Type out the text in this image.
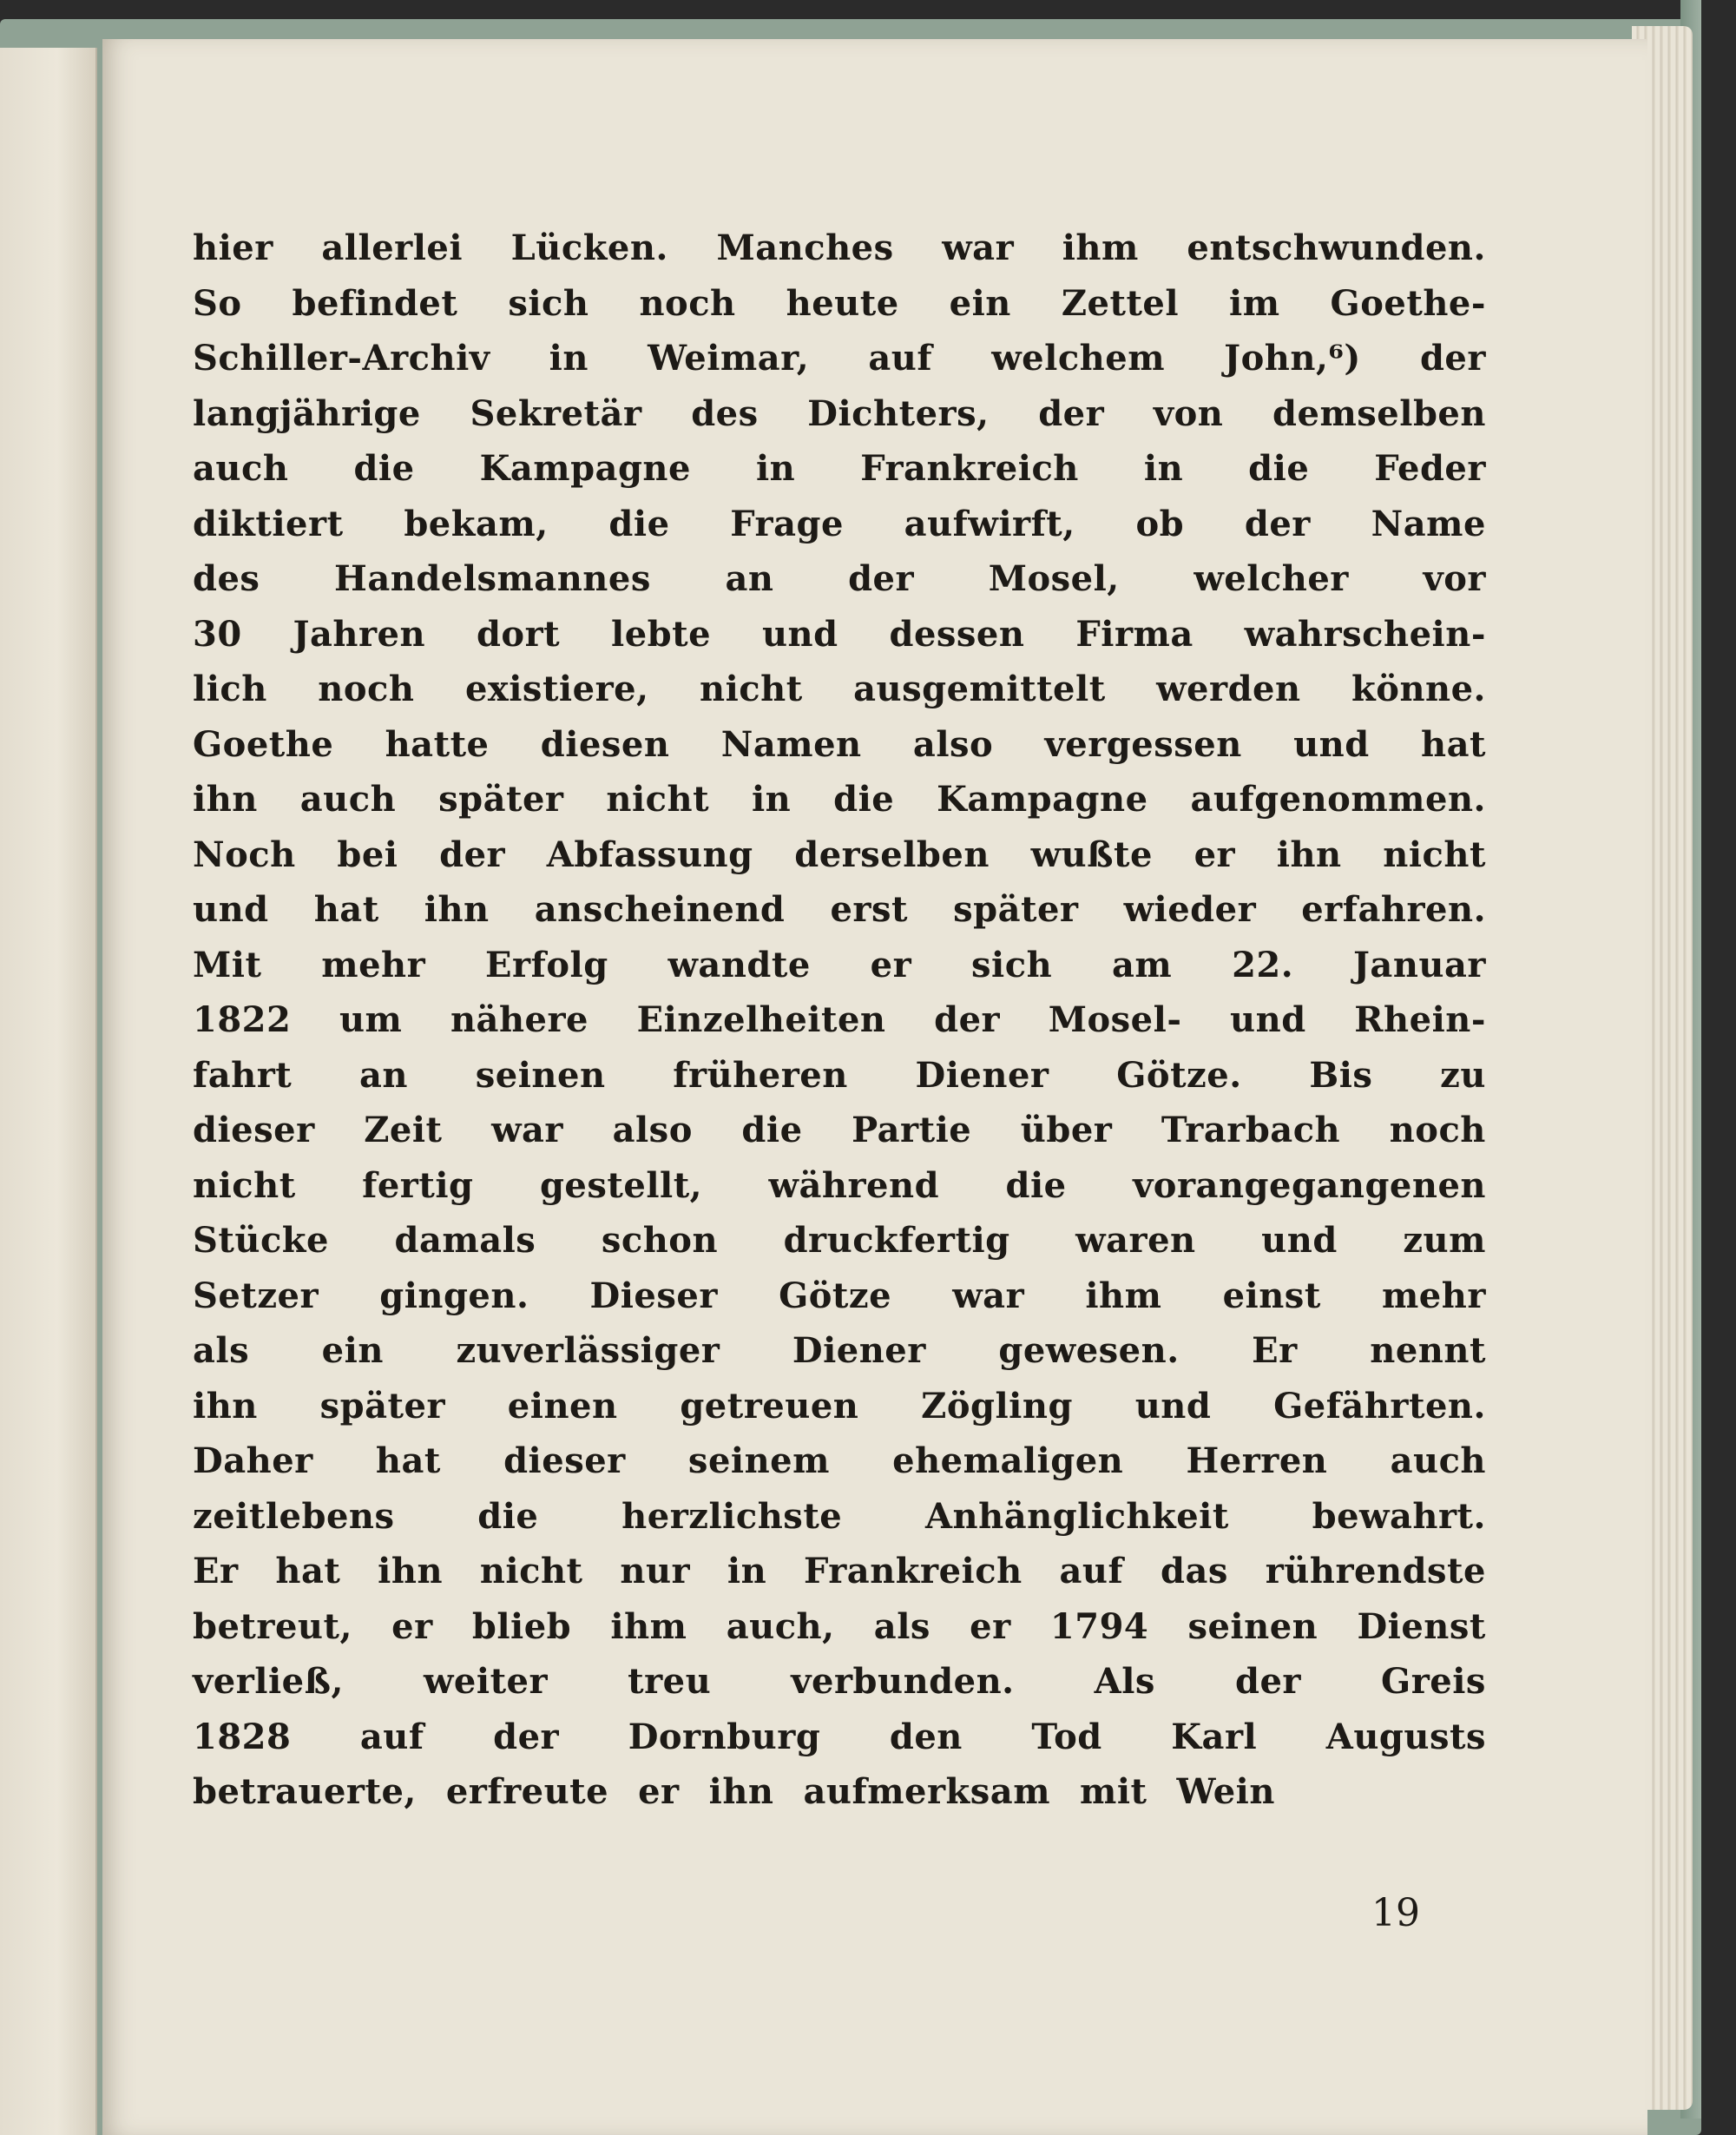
hier allerlei Lücken. Manches war ihm entschwunden.
So befindet sich noch heute ein Zettel im Goethe-
Schiller-Archiv in Weimar, auf welchem John,⁶) der
langjährige Sekretär des Dichters, der von demselben
auch die Kampagne in Frankreich in die Feder
diktiert bekam, die Frage aufwirft, ob der Name
des Handelsmannes an der Mosel, welcher vor
30 Jahren dort lebte und dessen Firma wahrschein-
lich noch existiere, nicht ausgemittelt werden könne.
Goethe hatte diesen Namen also vergessen und hat
ihn auch später nicht in die Kampagne aufgenommen.
Noch bei der Abfassung derselben wußte er ihn nicht
und hat ihn anscheinend erst später wieder erfahren.
Mit mehr Erfolg wandte er sich am 22. Januar
1822 um nähere Einzelheiten der Mosel- und Rhein-
fahrt an seinen früheren Diener Götze. Bis zu
dieser Zeit war also die Partie über Trarbach noch
nicht fertig gestellt, während die vorangegangenen
Stücke damals schon druckfertig waren und zum
Setzer gingen. Dieser Götze war ihm einst mehr
als ein zuverlässiger Diener gewesen. Er nennt
ihn später einen getreuen Zögling und Gefährten.
Daher hat dieser seinem ehemaligen Herren auch
zeitlebens die herzlichste Anhänglichkeit bewahrt.
Er hat ihn nicht nur in Frankreich auf das rührendste
betreut, er blieb ihm auch, als er 1794 seinen Dienst
verließ, weiter treu verbunden. Als der Greis
1828 auf der Dornburg den Tod Karl Augusts
betrauerte, erfreute er ihn aufmerksam mit Wein
19
